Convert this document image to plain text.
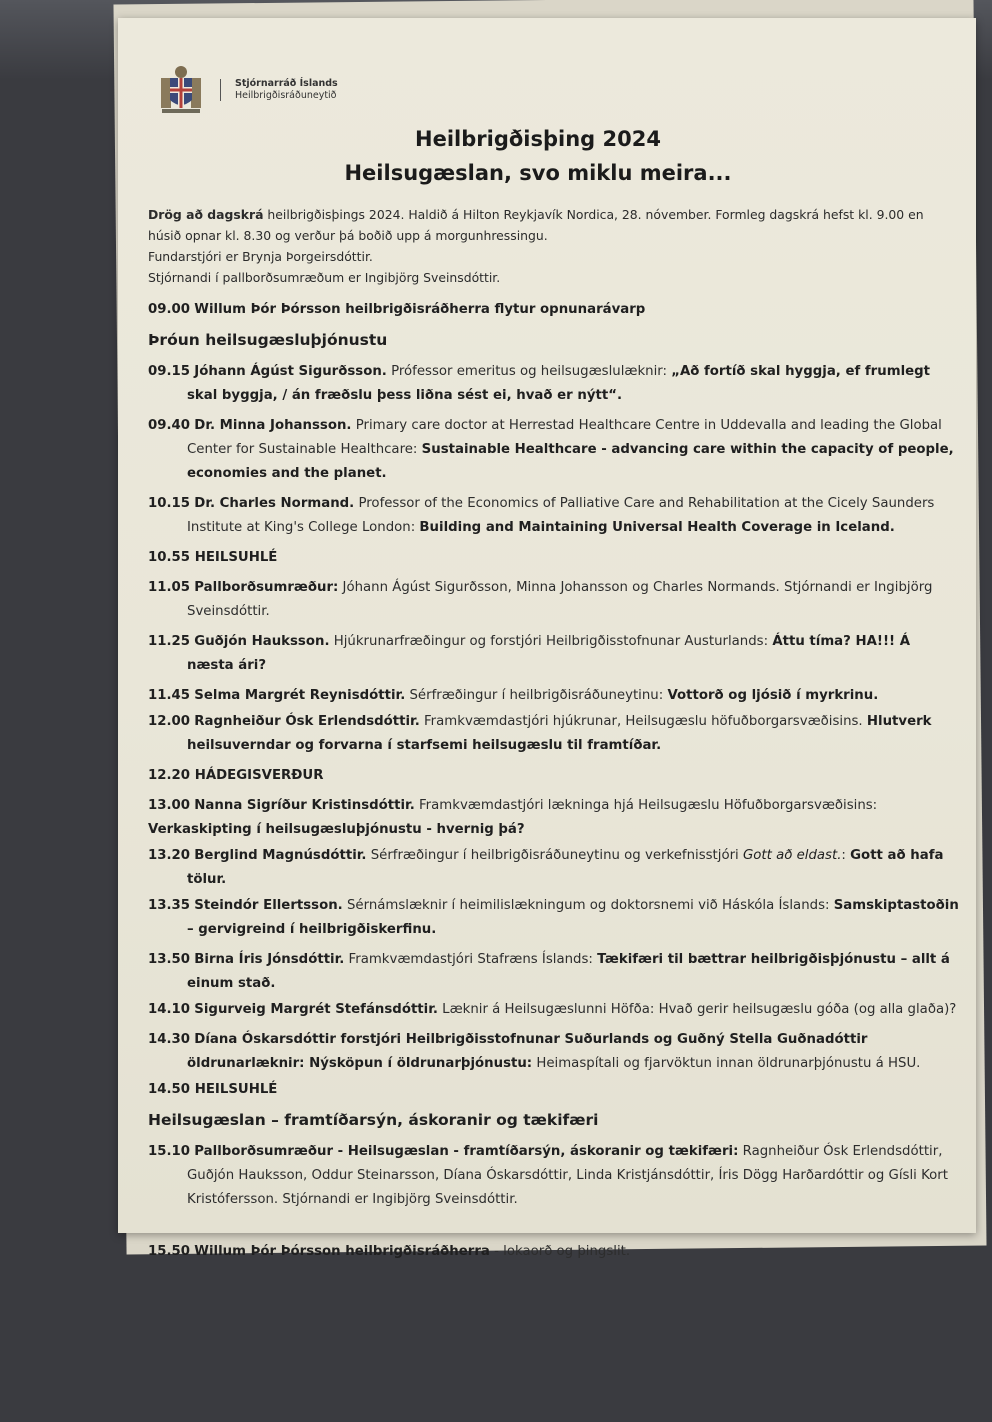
Stjórnarráð Íslands
Heilbrigðisráðuneytið
Heilbrigðisþing 2024
Heilsugæslan, svo miklu meira...
Drög að dagskrá heilbrigðisþings 2024. Haldið á Hilton Reykjavík Nordica, 28. nóvember. Formleg dagskrá hefst kl. 9.00 en húsið opnar kl. 8.30 og verður þá boðið upp á morgunhressingu.
Fundarstjóri er Brynja Þorgeirsdóttir.
Stjórnandi í pallborðsumræðum er Ingibjörg Sveinsdóttir.
09.00 Willum Þór Þórsson heilbrigðisráðherra flytur opnunarávarp
Þróun heilsugæsluþjónustu
09.15 Jóhann Ágúst Sigurðsson. Prófessor emeritus og heilsugæslulæknir: „Að fortíð skal hyggja, ef frumlegt skal byggja, / án fræðslu þess liðna sést ei, hvað er nýtt“.
09.40 Dr. Minna Johansson. Primary care doctor at Herrestad Healthcare Centre in Uddevalla and leading the Global Center for Sustainable Healthcare: Sustainable Healthcare - advancing care within the capacity of people, economies and the planet.
10.15 Dr. Charles Normand. Professor of the Economics of Palliative Care and Rehabilitation at the Cicely Saunders Institute at King's College London: Building and Maintaining Universal Health Coverage in Iceland.
10.55 HEILSUHLÉ
11.05 Pallborðsumræður: Jóhann Ágúst Sigurðsson, Minna Johansson og Charles Normands. Stjórnandi er Ingibjörg Sveinsdóttir.
11.25 Guðjón Hauksson. Hjúkrunarfræðingur og forstjóri Heilbrigðisstofnunar Austurlands: Áttu tíma? HA!!! Á næsta ári?
11.45 Selma Margrét Reynisdóttir. Sérfræðingur í heilbrigðisráðuneytinu: Vottorð og ljósið í myrkrinu.
12.00 Ragnheiður Ósk Erlendsdóttir. Framkvæmdastjóri hjúkrunar, Heilsugæslu höfuðborgarsvæðisins. Hlutverk heilsuverndar og forvarna í starfsemi heilsugæslu til framtíðar.
12.20 HÁDEGISVERÐUR
13.00 Nanna Sigríður Kristinsdóttir. Framkvæmdastjóri lækninga hjá Heilsugæslu Höfuðborgarsvæðisins: Verkaskipting í heilsugæsluþjónustu - hvernig þá?
13.20 Berglind Magnúsdóttir. Sérfræðingur í heilbrigðisráðuneytinu og verkefnisstjóri Gott að eldast.: Gott að hafa tölur.
13.35 Steindór Ellertsson. Sérnámslæknir í heimilislækningum og doktorsnemi við Háskóla Íslands: Samskiptastoðin – gervigreind í heilbrigðiskerfinu.
13.50 Birna Íris Jónsdóttir. Framkvæmdastjóri Stafræns Íslands: Tækifæri til bættrar heilbrigðisþjónustu – allt á einum stað.
14.10 Sigurveig Margrét Stefánsdóttir. Læknir á Heilsugæslunni Höfða: Hvað gerir heilsugæslu góða (og alla glaða)?
14.30 Díana Óskarsdóttir forstjóri Heilbrigðisstofnunar Suðurlands og Guðný Stella Guðnadóttir öldrunarlæknir: Nýsköpun í öldrunarþjónustu: Heimaspítali og fjarvöktun innan öldrunarþjónustu á HSU.
14.50 HEILSUHLÉ
Heilsugæslan – framtíðarsýn, áskoranir og tækifæri
15.10 Pallborðsumræður - Heilsugæslan - framtíðarsýn, áskoranir og tækifæri: Ragnheiður Ósk Erlendsdóttir, Guðjón Hauksson, Oddur Steinarsson, Díana Óskarsdóttir, Linda Kristjánsdóttir, Íris Dögg Harðardóttir og Gísli Kort Kristófersson. Stjórnandi er Ingibjörg Sveinsdóttir.
15.50 Willum Þór Þórsson heilbrigðisráðherra - lokaorð og þingslit.
